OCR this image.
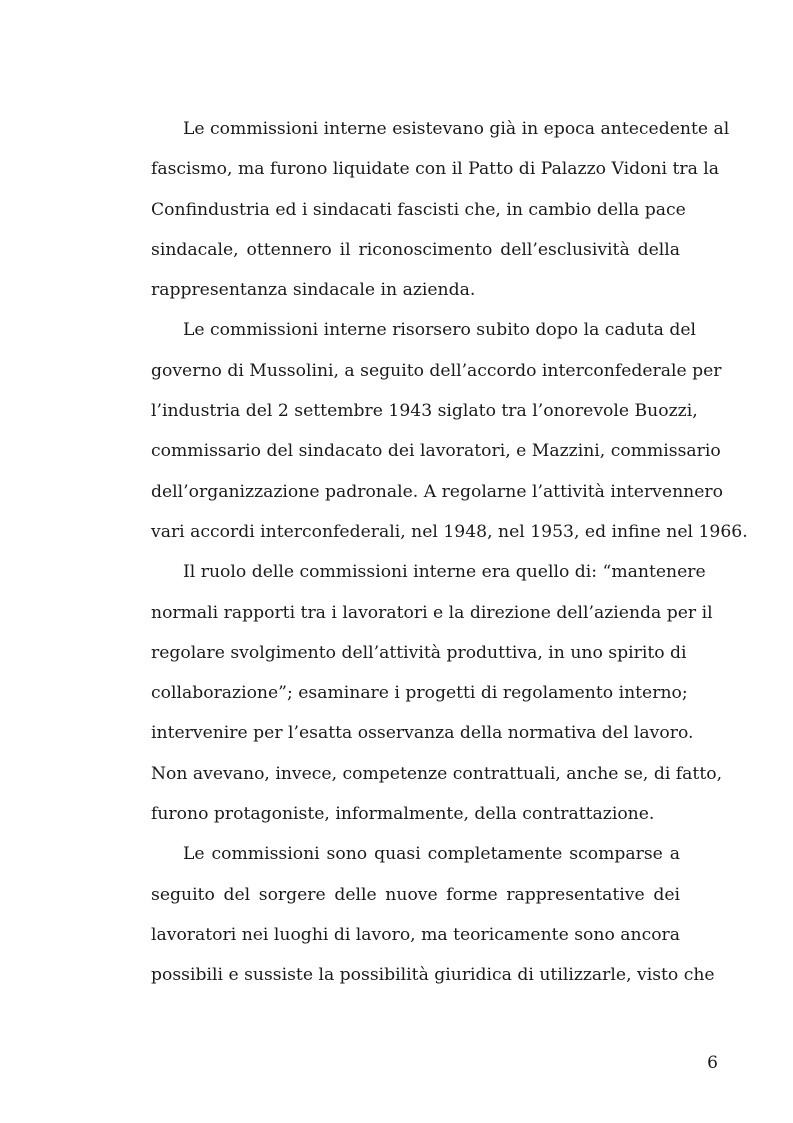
Le commissioni interne esistevano già in epoca antecedente al
fascismo, ma furono liquidate con il Patto di Palazzo Vidoni tra la
Confindustria ed i sindacati fascisti che, in cambio della pace
sindacale, ottennero il riconoscimento dell’esclusività della
rappresentanza sindacale in azienda.
Le commissioni interne risorsero subito dopo la caduta del
governo di Mussolini, a seguito dell’accordo interconfederale per
l’industria del 2 settembre 1943 siglato tra l’onorevole Buozzi,
commissario del sindacato dei lavoratori, e Mazzini, commissario
dell’organizzazione padronale. A regolarne l’attività intervennero
vari accordi interconfederali, nel 1948, nel 1953, ed infine nel 1966.
Il ruolo delle commissioni interne era quello di: “mantenere
normali rapporti tra i lavoratori e la direzione dell’azienda per il
regolare svolgimento dell’attività produttiva, in uno spirito di
collaborazione”; esaminare i progetti di regolamento interno;
intervenire per l’esatta osservanza della normativa del lavoro.
Non avevano, invece, competenze contrattuali, anche se, di fatto,
furono protagoniste, informalmente, della contrattazione.
Le commissioni sono quasi completamente scomparse a
seguito del sorgere delle nuove forme rappresentative dei
lavoratori nei luoghi di lavoro, ma teoricamente sono ancora
possibili e sussiste la possibilità giuridica di utilizzarle, visto che
6
